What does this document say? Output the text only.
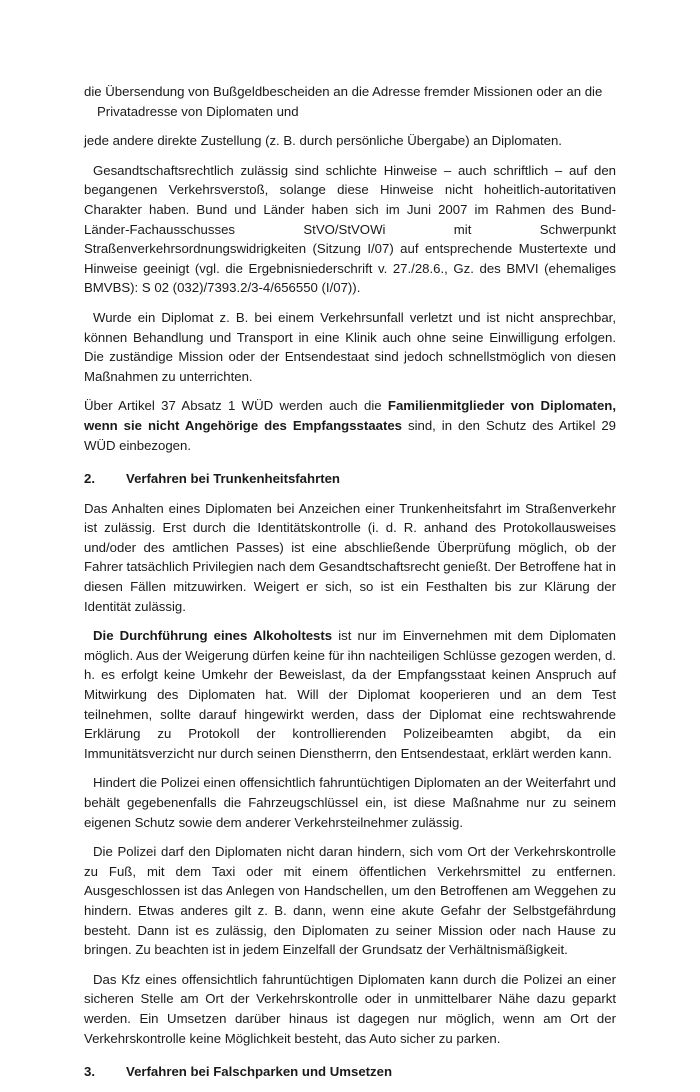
die Übersendung von Bußgeldbescheiden an die Adresse fremder Missionen oder an die Privatadresse von Diplomaten und

jede andere direkte Zustellung (z. B. durch persönliche Übergabe) an Diplomaten.

Gesandtschaftsrechtlich zulässig sind schlichte Hinweise – auch schriftlich – auf den begangenen Verkehrsverstoß, solange diese Hinweise nicht hoheitlich-autoritativen Charakter haben. Bund und Länder haben sich im Juni 2007 im Rahmen des Bund-Länder-Fachausschusses StVO/StVOWi mit Schwerpunkt Straßenverkehrsordnungswidrigkeiten (Sitzung I/07) auf entsprechende Mustertexte und Hinweise geeinigt (vgl. die Ergebnisniederschrift v. 27./28.6., Gz. des BMVI (ehemaliges BMVBS): S 02 (032)/7393.2/3-4/656550 (I/07)).

Wurde ein Diplomat z. B. bei einem Verkehrsunfall verletzt und ist nicht ansprechbar, können Behandlung und Transport in eine Klinik auch ohne seine Einwilligung erfolgen. Die zuständige Mission oder der Entsendestaat sind jedoch schnellstmöglich von diesen Maßnahmen zu unterrichten.

Über Artikel 37 Absatz 1 WÜD werden auch die Familienmitglieder von Diplomaten, wenn sie nicht Angehörige des Empfangsstaates sind, in den Schutz des Artikel 29 WÜD einbezogen.

2.	Verfahren bei Trunkenheitsfahrten

Das Anhalten eines Diplomaten bei Anzeichen einer Trunkenheitsfahrt im Straßenverkehr ist zulässig. Erst durch die Identitätskontrolle (i. d. R. anhand des Protokollausweises und/oder des amtlichen Passes) ist eine abschließende Überprüfung möglich, ob der Fahrer tatsächlich Privilegien nach dem Gesandtschaftsrecht genießt. Der Betroffene hat in diesen Fällen mitzuwirken. Weigert er sich, so ist ein Festhalten bis zur Klärung der Identität zulässig.

Die Durchführung eines Alkoholtests ist nur im Einvernehmen mit dem Diplomaten möglich. Aus der Weigerung dürfen keine für ihn nachteiligen Schlüsse gezogen werden, d. h. es erfolgt keine Umkehr der Beweislast, da der Empfangsstaat keinen Anspruch auf Mitwirkung des Diplomaten hat. Will der Diplomat kooperieren und an dem Test teilnehmen, sollte darauf hingewirkt werden, dass der Diplomat eine rechtswahrende Erklärung zu Protokoll der kontrollierenden Polizeibeamten abgibt, da ein Immunitätsverzicht nur durch seinen Dienstherrn, den Entsendestaat, erklärt werden kann.

Hindert die Polizei einen offensichtlich fahruntüchtigen Diplomaten an der Weiterfahrt und behält gegebenenfalls die Fahrzeugschlüssel ein, ist diese Maßnahme nur zu seinem eigenen Schutz sowie dem anderer Verkehrsteilnehmer zulässig.

Die Polizei darf den Diplomaten nicht daran hindern, sich vom Ort der Verkehrskontrolle zu Fuß, mit dem Taxi oder mit einem öffentlichen Verkehrsmittel zu entfernen. Ausgeschlossen ist das Anlegen von Handschellen, um den Betroffenen am Weggehen zu hindern. Etwas anderes gilt z. B. dann, wenn eine akute Gefahr der Selbstgefährdung besteht. Dann ist es zulässig, den Diplomaten zu seiner Mission oder nach Hause zu bringen. Zu beachten ist in jedem Einzelfall der Grundsatz der Verhältnismäßigkeit.

Das Kfz eines offensichtlich fahruntüchtigen Diplomaten kann durch die Polizei an einer sicheren Stelle am Ort der Verkehrskontrolle oder in unmittelbarer Nähe dazu geparkt werden. Ein Umsetzen darüber hinaus ist dagegen nur möglich, wenn am Ort der Verkehrskontrolle keine Möglichkeit besteht, das Auto sicher zu parken.

3.	Verfahren bei Falschparken und Umsetzen
